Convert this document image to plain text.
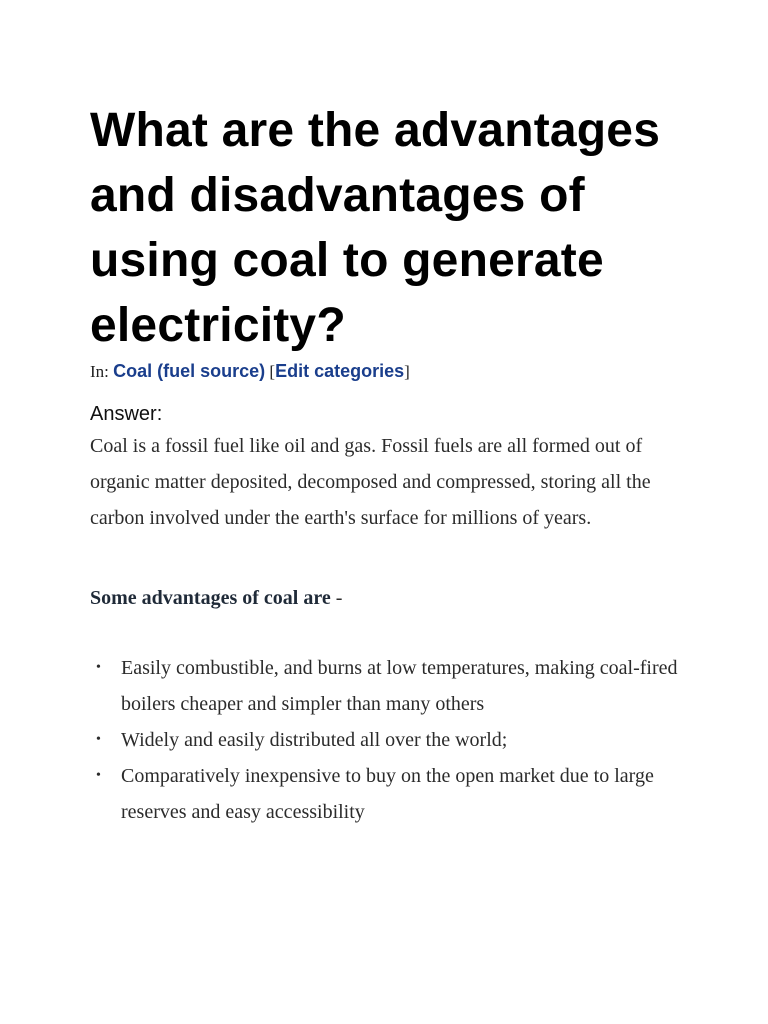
What are the advantages and disadvantages of using coal to generate electricity?
In: Coal (fuel source) [Edit categories]
Answer:

Coal is a fossil fuel like oil and gas. Fossil fuels are all formed out of organic matter deposited, decomposed and compressed, storing all the carbon involved under the earth's surface for millions of years.

Some advantages of coal are -
• Easily combustible, and burns at low temperatures, making coal-fired boilers cheaper and simpler than many others
• Widely and easily distributed all over the world;
• Comparatively inexpensive to buy on the open market due to large reserves and easy accessibility
